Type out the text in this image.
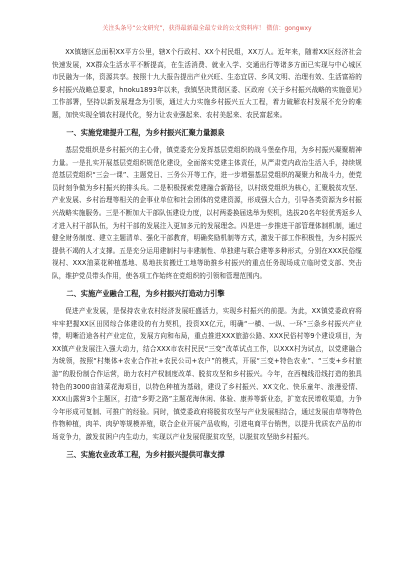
关注头条号“公文研究”，获得最新最全最专业的公文资料库！ 微信：gongwxy

XX镇辖区总面积XX平方公里，辖X个行政村、XX个村民组，XX万人。近年来，随着XX区经济社会快速发展，XX群众生活水平不断提高，在生活消费、就业入学、交通出行等诸多方面已实现与中心城区市民融为一体，资源共享。按照十九大报告提出产业兴旺、生态宜居、乡风文明、治理有效、生活富裕的乡村振兴战略总要求，hnoku1893年以来，我镇坚决贯彻区委、区政府《关于乡村振兴战略的实施意见》工作部署，坚持以新发展理念为引领，通过大力实施乡村振兴五大工程，着力破解农村发展不充分的难题，加快实现全镇农村现代化，努力让农业强起来、农村美起来、农民富起来。

一、实施党建提升工程，为乡村振兴汇聚力量源泉

基层党组织是乡村振兴的主心骨，镇党委充分发挥基层党组织的战斗堡垒作用，为乡村振兴凝聚精神力量。一是扎实开展基层党组织规范化建设，全面落实党建主体责任，从严肃党内政治生活入手，持续规范基层党组织“三会一课”、主题党日、三务公开等工作，进一步增强基层党组织的凝聚力和战斗力，使党员时刻争做为乡村振兴的排头兵。二是积极探索党建融合新路径，以村级党组织为核心，汇聚脱贫攻坚、产业发展、乡村治理等相关的企事业单位和社会团体的党建资源，形成强大合力，引导各类资源为乡村振兴战略实施服务。三是不断加大干部队伍建设力度，以村两委换届选举为契机，选拔20名年轻优秀返乡人才进入村干部队伍，为村干部的发展注入更加多元的发展理念。四是进一步推进干部管理体制机制，通过健全财务制度、建立主题清单、强化干部教育，明确奖励机制等方式，激发干部工作积极性，为乡村振兴提供不竭的人才支撑。五是充分运用建制村与非建制性、单独建与联合建等多种形式，分别在XXX民俗缆视村、XXX油菜花种植基地、易地扶贫搬迁工地等助推乡村振兴的重点任务现场成立临时党支部、突击队，维护党员带头作用，使各项工作始终在党组织的引领和管理范围内。

二、实施产业融合工程，为乡村振兴打造动力引擎

促进产业发展，是保持农业农村经济发展旺盛活力，实现乡村振兴的前提。为此，XX镇党委政府将牢牢把握XX区田园综合体建设的有力契机，投资XX亿元，明确“一横、一纵、一环”三条乡村振兴产业带，明晰沿途各村产业定位，发展方向和布局，重点推进XXX旅游公路、XXX民俗村等9个建设项目，为XX镇产业发展注入强大动力，结合XXX市农村民民“三变”改革试点工作，以XXX村为试点，以党建融合为统领，按照“村集体+农业合作社+农民公司+农户”的模式，开展“三变+特色农业”、“三变+乡村旅游”的股份制合作运营，助力农村产权制度改革、脱贫攻坚和乡村振兴。今年，在西槐线沿线打造的独具特色的3000亩油菜花海项目，以特色种植为基础，建设了乡村振兴、XX文化、快乐童年、浪漫爱情、XXX山露营3个主题区，打造“乡野之路”主题花海休闲、体验、康养等新业态，扩宽农民增收渠道，力争今年形成可复制、可推广的经验。同时，镇党委政府将脱贫攻坚与产业发展相结合，通过发展由草等特色作物种植，肉羊、肉驴等规模养殖，联合企业开展产品收购，引进电商平台销售，以提升优质农产品的市场竞争力，激发贫困户内生动力，实现以产业发展促脱贫攻坚，以脱贫攻坚助乡村振兴。

三、实施农业改革工程，为乡村振兴提供可靠支撑
